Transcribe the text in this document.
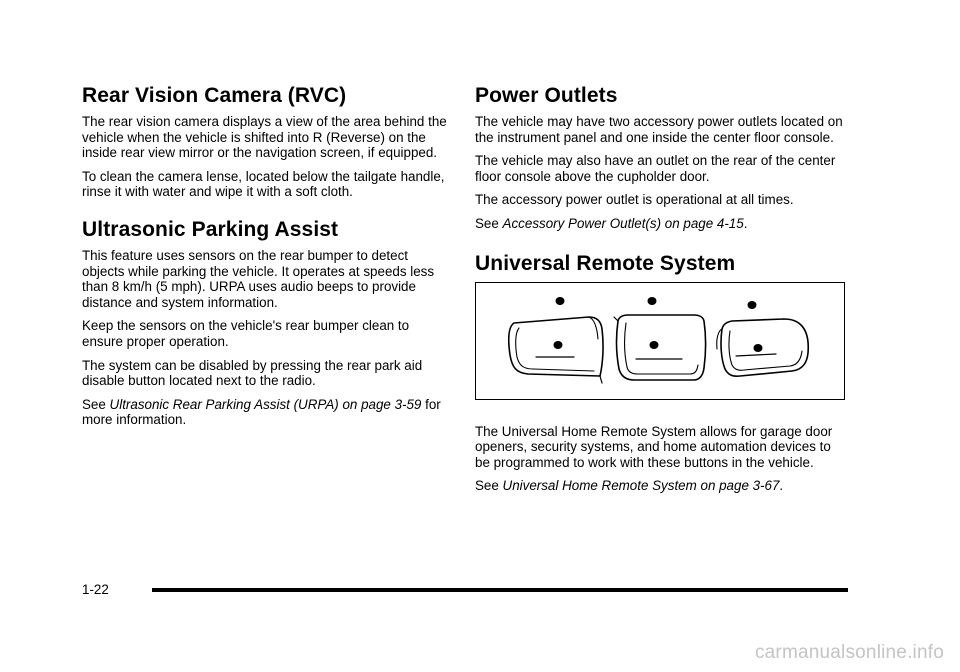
Rear Vision Camera (RVC)

The rear vision camera displays a view of the area behind the vehicle when the vehicle is shifted into R (Reverse) on the inside rear view mirror or the navigation screen, if equipped.

To clean the camera lense, located below the tailgate handle, rinse it with water and wipe it with a soft cloth.

Ultrasonic Parking Assist

This feature uses sensors on the rear bumper to detect objects while parking the vehicle. It operates at speeds less than 8 km/h (5 mph). URPA uses audio beeps to provide distance and system information.

Keep the sensors on the vehicle's rear bumper clean to ensure proper operation.

The system can be disabled by pressing the rear park aid disable button located next to the radio.

See Ultrasonic Rear Parking Assist (URPA) on page 3-59 for more information.

Power Outlets

The vehicle may have two accessory power outlets located on the instrument panel and one inside the center floor console.

The vehicle may also have an outlet on the rear of the center floor console above the cupholder door.

The accessory power outlet is operational at all times.

See Accessory Power Outlet(s) on page 4-15.

Universal Remote System

The Universal Home Remote System allows for garage door openers, security systems, and home automation devices to be programmed to work with these buttons in the vehicle.

See Universal Home Remote System on page 3-67.

1-22
carmanualsonline.info
